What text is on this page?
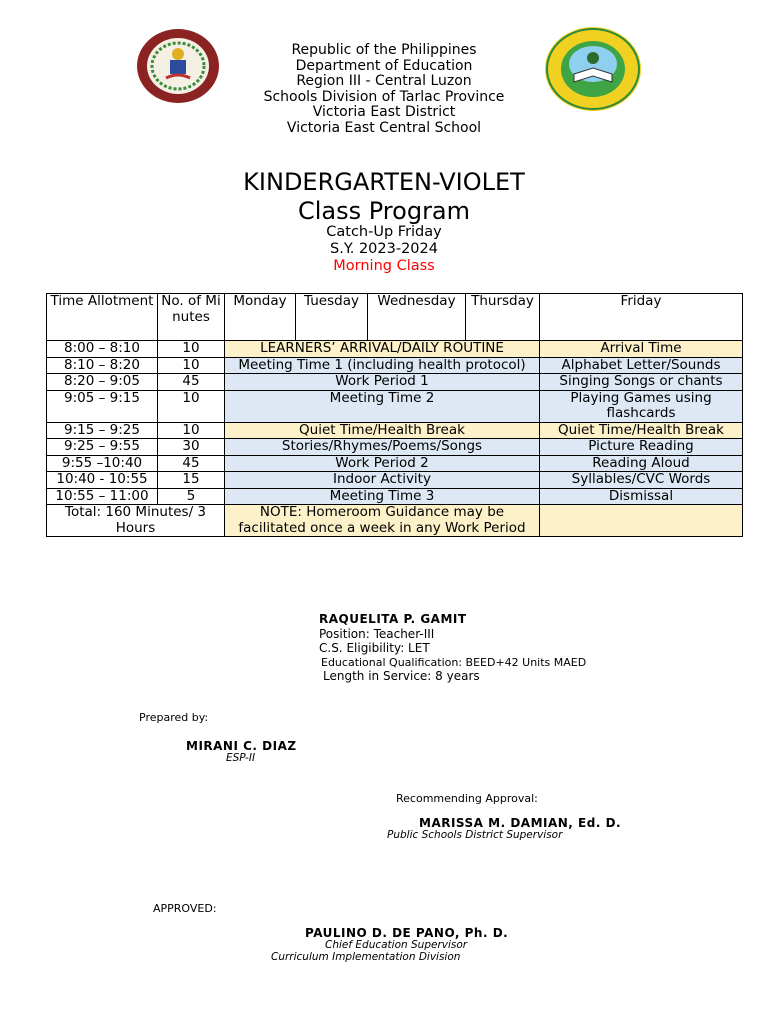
Republic of the Philippines
Department of Education
Region III - Central Luzon
Schools Division of Tarlac Province
Victoria East District
Victoria East Central School
KINDERGARTEN-VIOLET
Class Program
Catch-Up Friday
S.Y. 2023-2024
Morning Class
Time Allotment	No. of Minutes	Monday	Tuesday	Wednesday	Thursday	Friday
8:00 – 8:10	10	LEARNERS’ ARRIVAL/DAILY ROUTINE				Arrival Time
8:10 – 8:20	10	Meeting Time 1 (including health protocol)				Alphabet Letter/Sounds
8:20 – 9:05	45	Work Period 1				Singing Songs or chants
9:05 – 9:15	10	Meeting Time 2				Playing Games using flashcards
9:15 – 9:25	10	Quiet Time/Health Break				Quiet Time/Health Break
9:25 – 9:55	30	Stories/Rhymes/Poems/Songs				Picture Reading
9:55 –10:40	45	Work Period 2				Reading Aloud
10:40 - 10:55	15	Indoor Activity				Syllables/CVC Words
10:55 – 11:00	5	Meeting Time 3				Dismissal
Total: 160 Minutes/ 3 Hours		NOTE: Homeroom Guidance may be facilitated once a week in any Work Period				
RAQUELITA P. GAMIT
Position: Teacher-III
C.S. Eligibility: LET
Educational Qualification: BEED+42 Units MAED
Length in Service: 8 years
Prepared by:
MIRANI C. DIAZ
ESP-II
Recommending Approval:
MARISSA M. DAMIAN, Ed. D.
Public Schools District Supervisor
APPROVED:
PAULINO D. DE PANO, Ph. D.
Chief Education Supervisor
Curriculum Implementation Division
